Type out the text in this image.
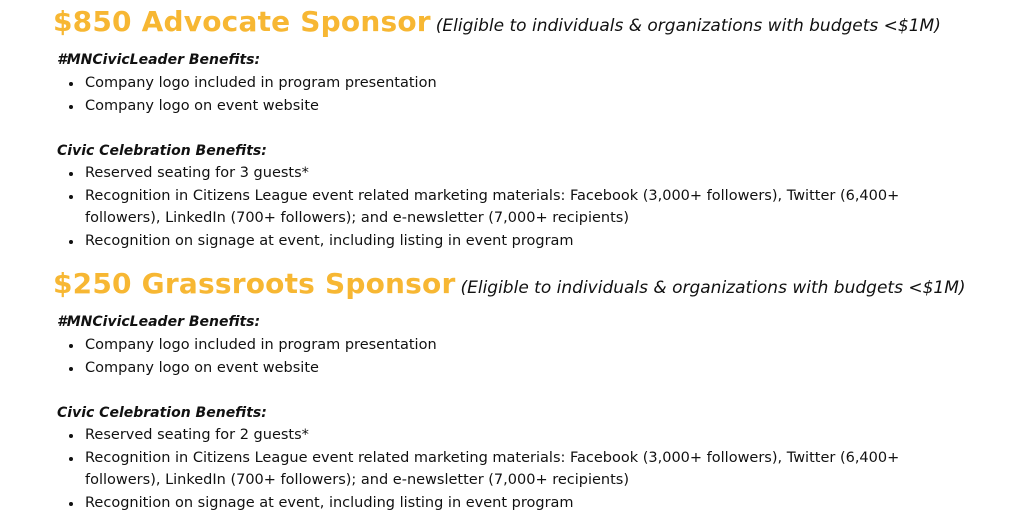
$850 Advocate Sponsor (Eligible to individuals & organizations with budgets <$1M)
#MNCivicLeader Benefits:
Company logo included in program presentation
Company logo on event website
Civic Celebration Benefits:
Reserved seating for 3 guests*
Recognition in Citizens League event related marketing materials: Facebook (3,000+ followers), Twitter (6,400+ followers), LinkedIn (700+ followers); and e-newsletter (7,000+ recipients)
Recognition on signage at event, including listing in event program
$250 Grassroots Sponsor (Eligible to individuals & organizations with budgets <$1M)
#MNCivicLeader Benefits:
Company logo included in program presentation
Company logo on event website
Civic Celebration Benefits:
Reserved seating for 2 guests*
Recognition in Citizens League event related marketing materials: Facebook (3,000+ followers), Twitter (6,400+ followers), LinkedIn (700+ followers); and e-newsletter (7,000+ recipients)
Recognition on signage at event, including listing in event program
